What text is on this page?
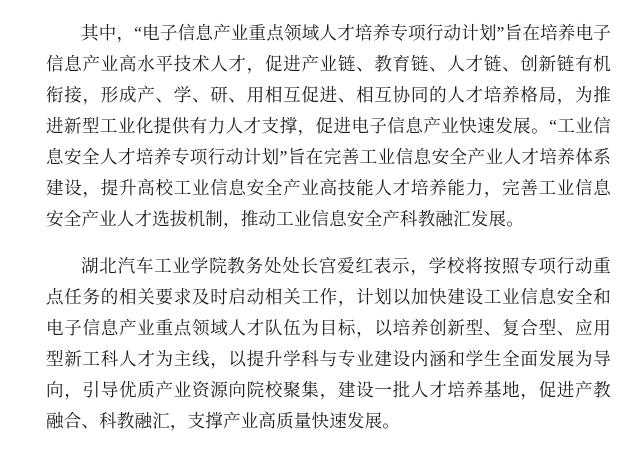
其中，“电子信息产业重点领域人才培养专项行动计划”旨在培养电子信息产业高水平技术人才，促进产业链、教育链、人才链、创新链有机衔接，形成产、学、研、用相互促进、相互协同的人才培养格局，为推进新型工业化提供有力人才支撑，促进电子信息产业快速发展。“工业信息安全人才培养专项行动计划”旨在完善工业信息安全产业人才培养体系建设，提升高校工业信息安全产业高技能人才培养能力，完善工业信息安全产业人才选拔机制，推动工业信息安全产科教融汇发展。

湖北汽车工业学院教务处处长宫爱红表示，学校将按照专项行动重点任务的相关要求及时启动相关工作，计划以加快建设工业信息安全和电子信息产业重点领域人才队伍为目标，以培养创新型、复合型、应用型新工科人才为主线，以提升学科与专业建设内涵和学生全面发展为导向，引导优质产业资源向院校聚集，建设一批人才培养基地，促进产教融合、科教融汇，支撑产业高质量快速发展。
